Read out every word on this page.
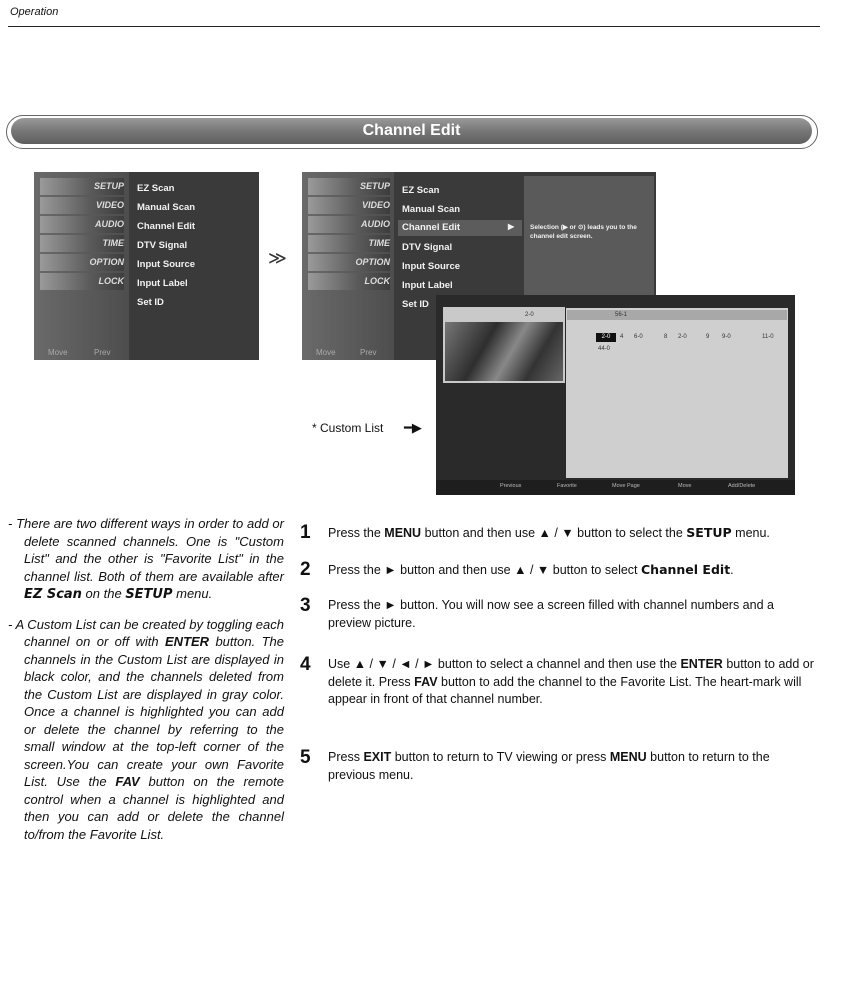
Operation
Channel Edit
SETUP
VIDEO
AUDIO
TIME
OPTION
LOCK
Move	Prev
EZ Scan
Manual Scan
Channel Edit
DTV Signal
Input Source
Input Label
Set ID
≫
SETUP
VIDEO
AUDIO
TIME
OPTION
LOCK
Move	Prev
EZ Scan
Manual Scan
Channel Edit	▶
DTV Signal
Input Source
Input Label
Set ID
Selection (▶ or ⊙) leads you to the channel edit screen.
2-0	56-1
2-0	4 6-0	8 2-0	9 9-0	11-0
44-0
Previous	Favorite	Move Page	Move	Add/Delete
* Custom List ━▶

- There are two different ways in order to add or delete scanned channels. One is "Custom List" and the other is "Favorite List" in the channel list. Both of them are available after EZ Scan on the SETUP menu.

- A Custom List can be created by toggling each channel on or off with ENTER button. The channels in the Custom List are displayed in black color, and the channels deleted from the Custom List are displayed in gray color. Once a channel is highlighted you can add or delete the channel by referring to the small window at the top-left corner of the screen.You can create your own Favorite List. Use the FAV button on the remote control when a channel is highlighted and then you can add or delete the channel to/from the Favorite List.

1 Press the MENU button and then use ▲ / ▼ button to select the SETUP menu.
2 Press the ► button and then use ▲ / ▼ button to select Channel Edit.
3 Press the ► button. You will now see a screen filled with channel numbers and a preview picture.
4 Use ▲ / ▼ / ◄ / ► button to select a channel and then use the ENTER button to add or delete it. Press FAV button to add the channel to the Favorite List. The heart-mark will appear in front of that channel number.
5 Press EXIT button to return to TV viewing or press MENU button to return to the previous menu.
